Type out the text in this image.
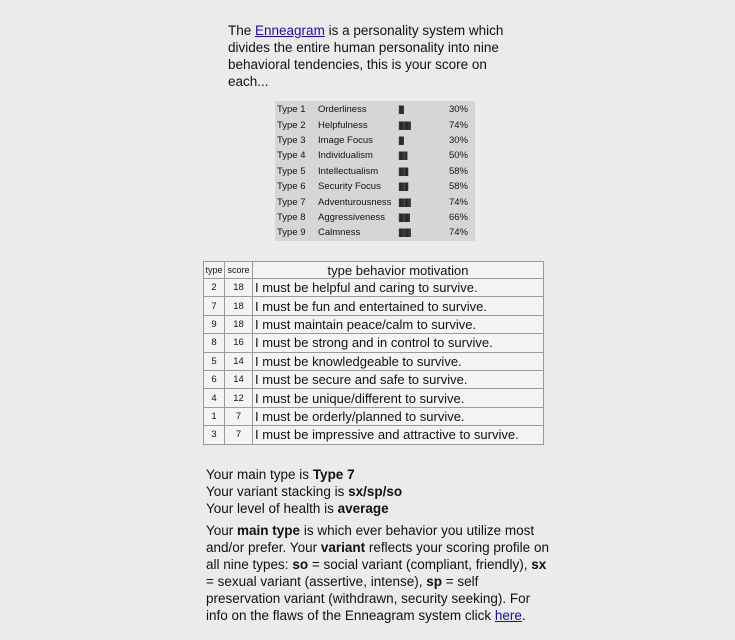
The Enneagram is a personality system which divides the entire human personality into nine behavioral tendencies, this is your score on each...
Type 1	Orderliness	||||||	30%
Type 2	Helpfulness	||||||||||||||	74%
Type 3	Image Focus	||||||	30%
Type 4	Individualism	||||||||||	50%
Type 5	Intellectualism	|||||||||||	58%
Type 6	Security Focus	|||||||||||	58%
Type 7	Adventurousness	||||||||||||||	74%
Type 8	Aggressiveness	|||||||||||||	66%
Type 9	Calmness	||||||||||||||	74%
type	score	type behavior motivation
2	18	I must be helpful and caring to survive.
7	18	I must be fun and entertained to survive.
9	18	I must maintain peace/calm to survive.
8	16	I must be strong and in control to survive.
5	14	I must be knowledgeable to survive.
6	14	I must be secure and safe to survive.
4	12	I must be unique/different to survive.
1	7	I must be orderly/planned to survive.
3	7	I must be impressive and attractive to survive.

Your main type is Type 7

Your variant stacking is sx/sp/so

Your level of health is average

Your main type is which ever behavior you utilize most and/or prefer. Your variant reflects your scoring profile on all nine types: so = social variant (compliant, friendly), sx = sexual variant (assertive, intense), sp = self preservation variant (withdrawn, security seeking). For info on the flaws of the Enneagram system click here.
